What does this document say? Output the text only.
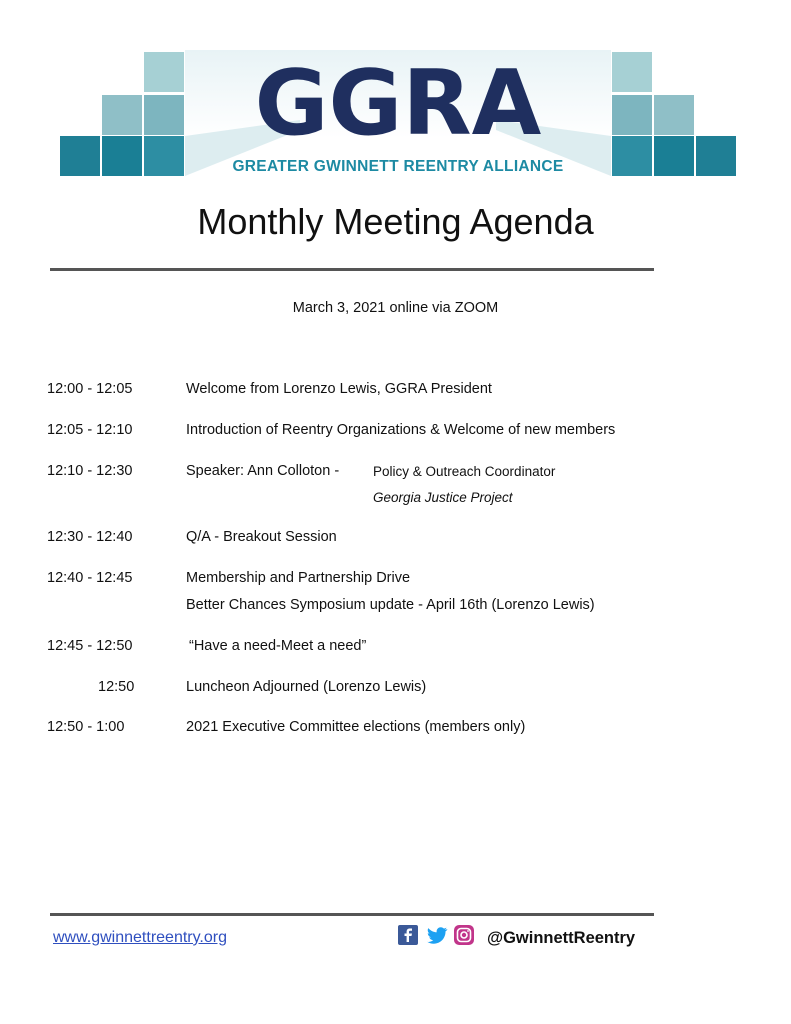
GGRA
GREATER GWINNETT REENTRY ALLIANCE
Monthly Meeting Agenda
March 3, 2021 online via ZOOM
12:00 - 12:05	Welcome from Lorenzo Lewis, GGRA President
12:05 - 12:10	Introduction of Reentry Organizations & Welcome of new members
12:10 - 12:30	Speaker: Ann Colloton -	Policy & Outreach Coordinator
Georgia Justice Project
12:30 - 12:40	Q/A - Breakout Session
12:40 - 12:45	Membership and Partnership Drive
Better Chances Symposium update - April 16th (Lorenzo Lewis)
12:45 - 12:50	“Have a need-Meet a need”
12:50	Luncheon Adjourned (Lorenzo Lewis)
12:50 - 1:00	2021 Executive Committee elections (members only)
www.gwinnettreentry.org	@GwinnettReentry
